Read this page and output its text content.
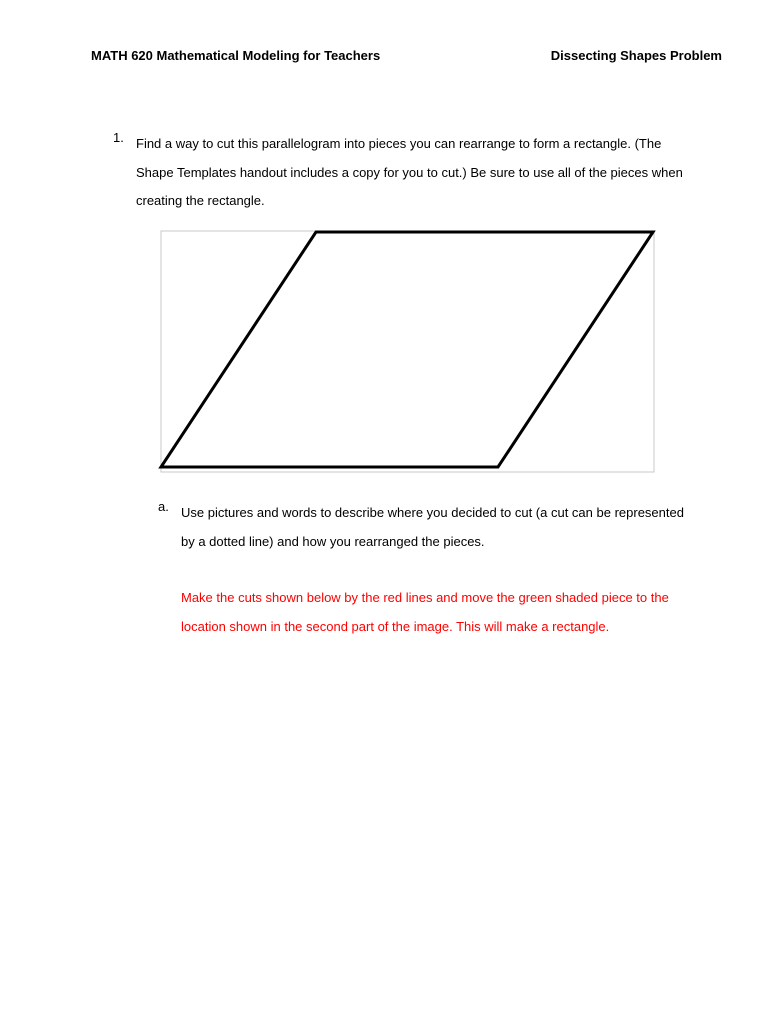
MATH 620 Mathematical Modeling for Teachers	Dissecting Shapes Problem
1. Find a way to cut this parallelogram into pieces you can rearrange to form a rectangle. (The
Shape Templates handout includes a copy for you to cut.) Be sure to use all of the pieces when
creating the rectangle.

a. Use pictures and words to describe where you decided to cut (a cut can be represented
by a dotted line) and how you rearranged the pieces.

Make the cuts shown below by the red lines and move the green shaded piece to the
location shown in the second part of the image. This will make a rectangle.
